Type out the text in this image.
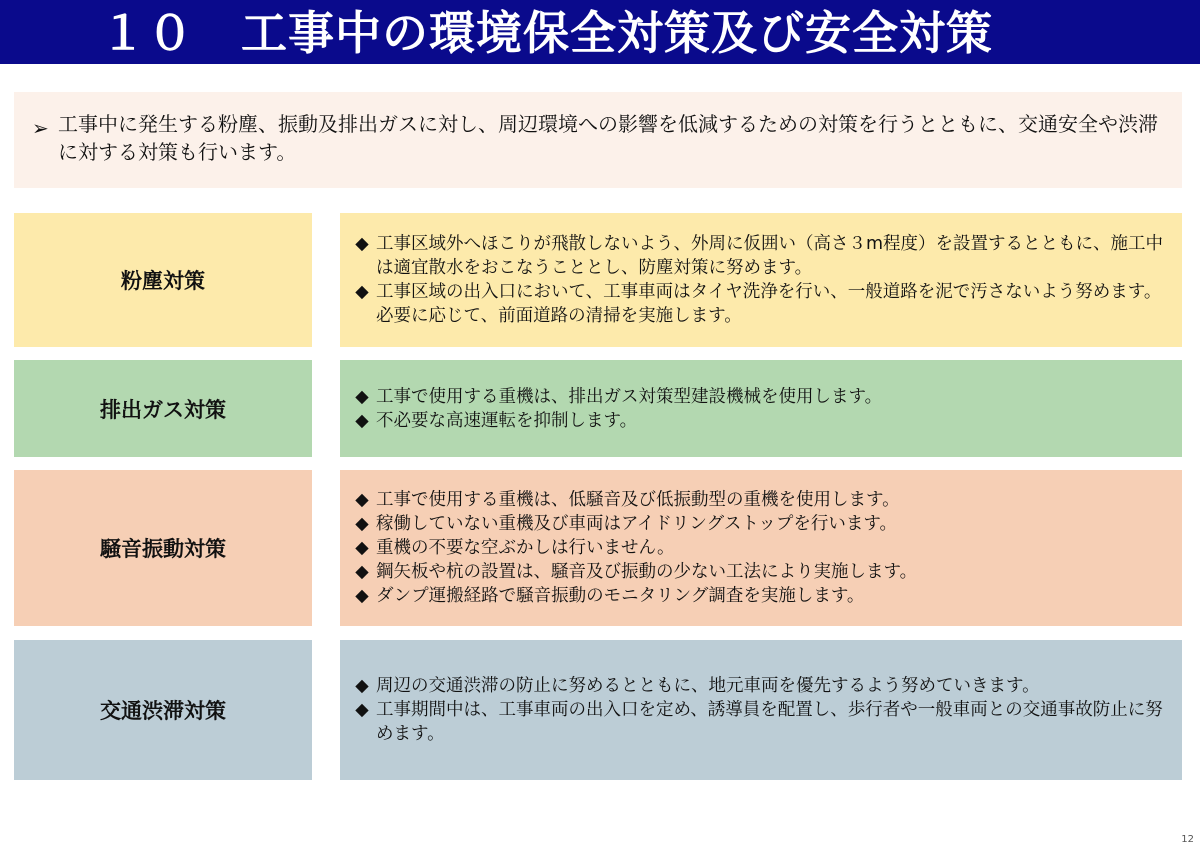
１０　工事中の環境保全対策及び安全対策
➢ 工事中に発生する粉塵、振動及排出ガスに対し、周辺環境への影響を低減するための対策を行うとともに、交通安全や渋滞に対する対策も行います。
粉塵対策
◆ 工事区域外へほこりが飛散しないよう、外周に仮囲い（高さ３m程度）を設置するとともに、施工中は適宜散水をおこなうこととし、防塵対策に努めます。
◆ 工事区域の出入口において、工事車両はタイヤ洗浄を行い、一般道路を泥で汚さないよう努めます。必要に応じて、前面道路の清掃を実施します。
排出ガス対策
◆ 工事で使用する重機は、排出ガス対策型建設機械を使用します。
◆ 不必要な高速運転を抑制します。
騒音振動対策
◆ 工事で使用する重機は、低騒音及び低振動型の重機を使用します。
◆ 稼働していない重機及び車両はアイドリングストップを行います。
◆ 重機の不要な空ぶかしは行いません。
◆ 鋼矢板や杭の設置は、騒音及び振動の少ない工法により実施します。
◆ ダンプ運搬経路で騒音振動のモニタリング調査を実施します。
交通渋滞対策
◆ 周辺の交通渋滞の防止に努めるとともに、地元車両を優先するよう努めていきます。
◆ 工事期間中は、工事車両の出入口を定め、誘導員を配置し、歩行者や一般車両との交通事故防止に努めます。
12
